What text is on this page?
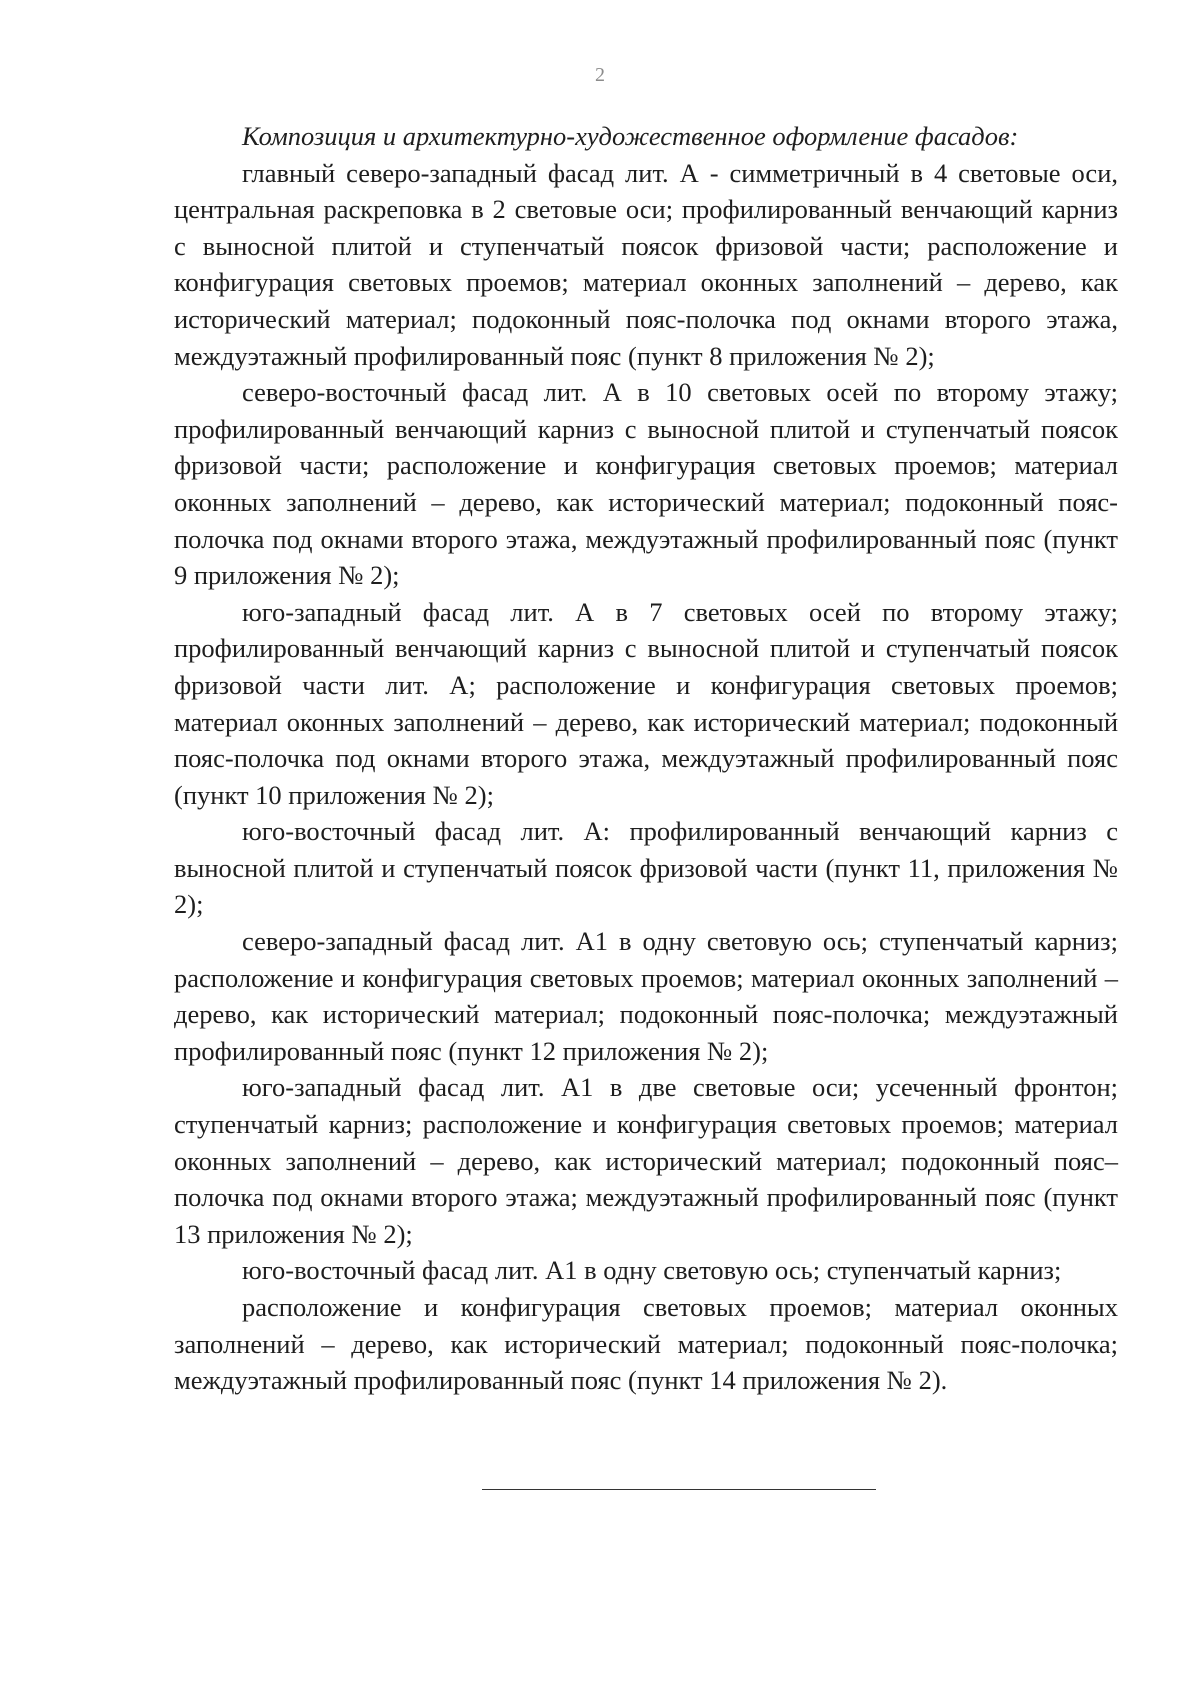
2

Композиция и архитектурно-художественное оформление фасадов:

главный северо-западный фасад лит. А - симметричный в 4 световые оси, центральная раскреповка в 2 световые оси; профилированный венчающий карниз с выносной плитой и ступенчатый поясок фризовой части; расположение и конфигурация световых проемов; материал оконных заполнений – дерево, как исторический материал; подоконный пояс-полочка под окнами второго этажа, междуэтажный профилированный пояс (пункт 8 приложения № 2);

северо-восточный фасад лит. А в 10 световых осей по второму этажу; профилированный венчающий карниз с выносной плитой и ступенчатый поясок фризовой части; расположение и конфигурация световых проемов; материал оконных заполнений – дерево, как исторический материал; подоконный пояс-полочка под окнами второго этажа, междуэтажный профилированный пояс (пункт 9 приложения № 2);

юго-западный фасад лит. А в 7 световых осей по второму этажу; профилированный венчающий карниз с выносной плитой и ступенчатый поясок фризовой части лит. А; расположение и конфигурация световых проемов; материал оконных заполнений – дерево, как исторический материал; подоконный пояс-полочка под окнами второго этажа, междуэтажный профилированный пояс (пункт 10 приложения № 2);

юго-восточный фасад лит. А: профилированный венчающий карниз с выносной плитой и ступенчатый поясок фризовой части (пункт 11, приложения № 2);

северо-западный фасад лит. А1 в одну световую ось; ступенчатый карниз; расположение и конфигурация световых проемов; материал оконных заполнений – дерево, как исторический материал; подоконный пояс-полочка; междуэтажный профилированный пояс (пункт 12 приложения № 2);

юго-западный фасад лит. А1 в две световые оси; усеченный фронтон; ступенчатый карниз; расположение и конфигурация световых проемов; материал оконных заполнений – дерево, как исторический материал; подоконный пояс–полочка под окнами второго этажа; междуэтажный профилированный пояс (пункт 13 приложения № 2);

юго-восточный фасад лит. А1 в одну световую ось; ступенчатый карниз;

расположение и конфигурация световых проемов; материал оконных заполнений – дерево, как исторический материал; подоконный пояс-полочка; междуэтажный профилированный пояс (пункт 14 приложения № 2).
